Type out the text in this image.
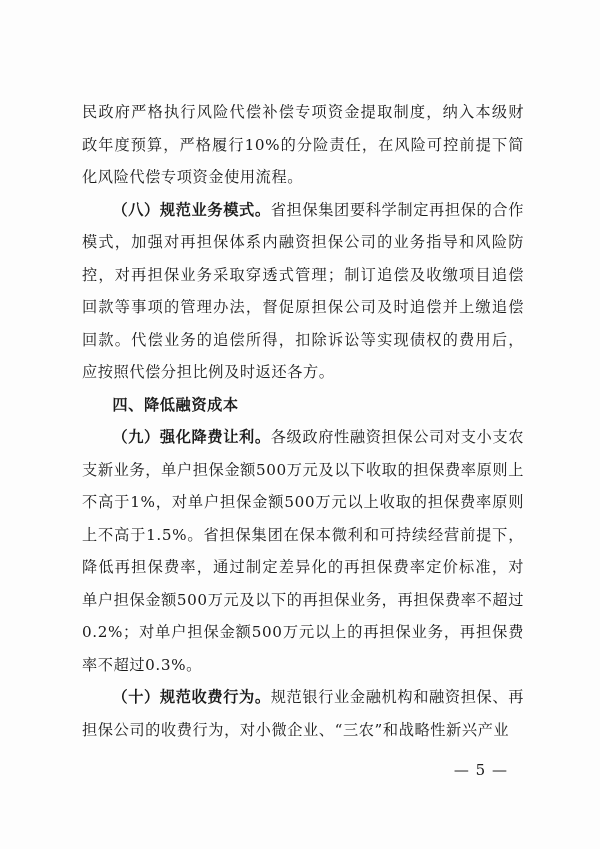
民政府严格执行风险代偿补偿专项资金提取制度，纳入本级财政年度预算，严格履行10%的分险责任，在风险可控前提下简化风险代偿专项资金使用流程。

（八）规范业务模式。省担保集团要科学制定再担保的合作模式，加强对再担保体系内融资担保公司的业务指导和风险防控，对再担保业务采取穿透式管理；制订追偿及收缴项目追偿回款等事项的管理办法，督促原担保公司及时追偿并上缴追偿回款。代偿业务的追偿所得，扣除诉讼等实现债权的费用后，应按照代偿分担比例及时返还各方。

四、降低融资成本

（九）强化降费让利。各级政府性融资担保公司对支小支农支新业务，单户担保金额500万元及以下收取的担保费率原则上不高于1%，对单户担保金额500万元以上收取的担保费率原则上不高于1.5%。省担保集团在保本微利和可持续经营前提下，降低再担保费率，通过制定差异化的再担保费率定价标准，对单户担保金额500万元及以下的再担保业务，再担保费率不超过0.2%；对单户担保金额500万元以上的再担保业务，再担保费率不超过0.3%。

（十）规范收费行为。规范银行业金融机构和融资担保、再担保公司的收费行为，对小微企业、“三农”和战略性新兴产业

— 5 —
